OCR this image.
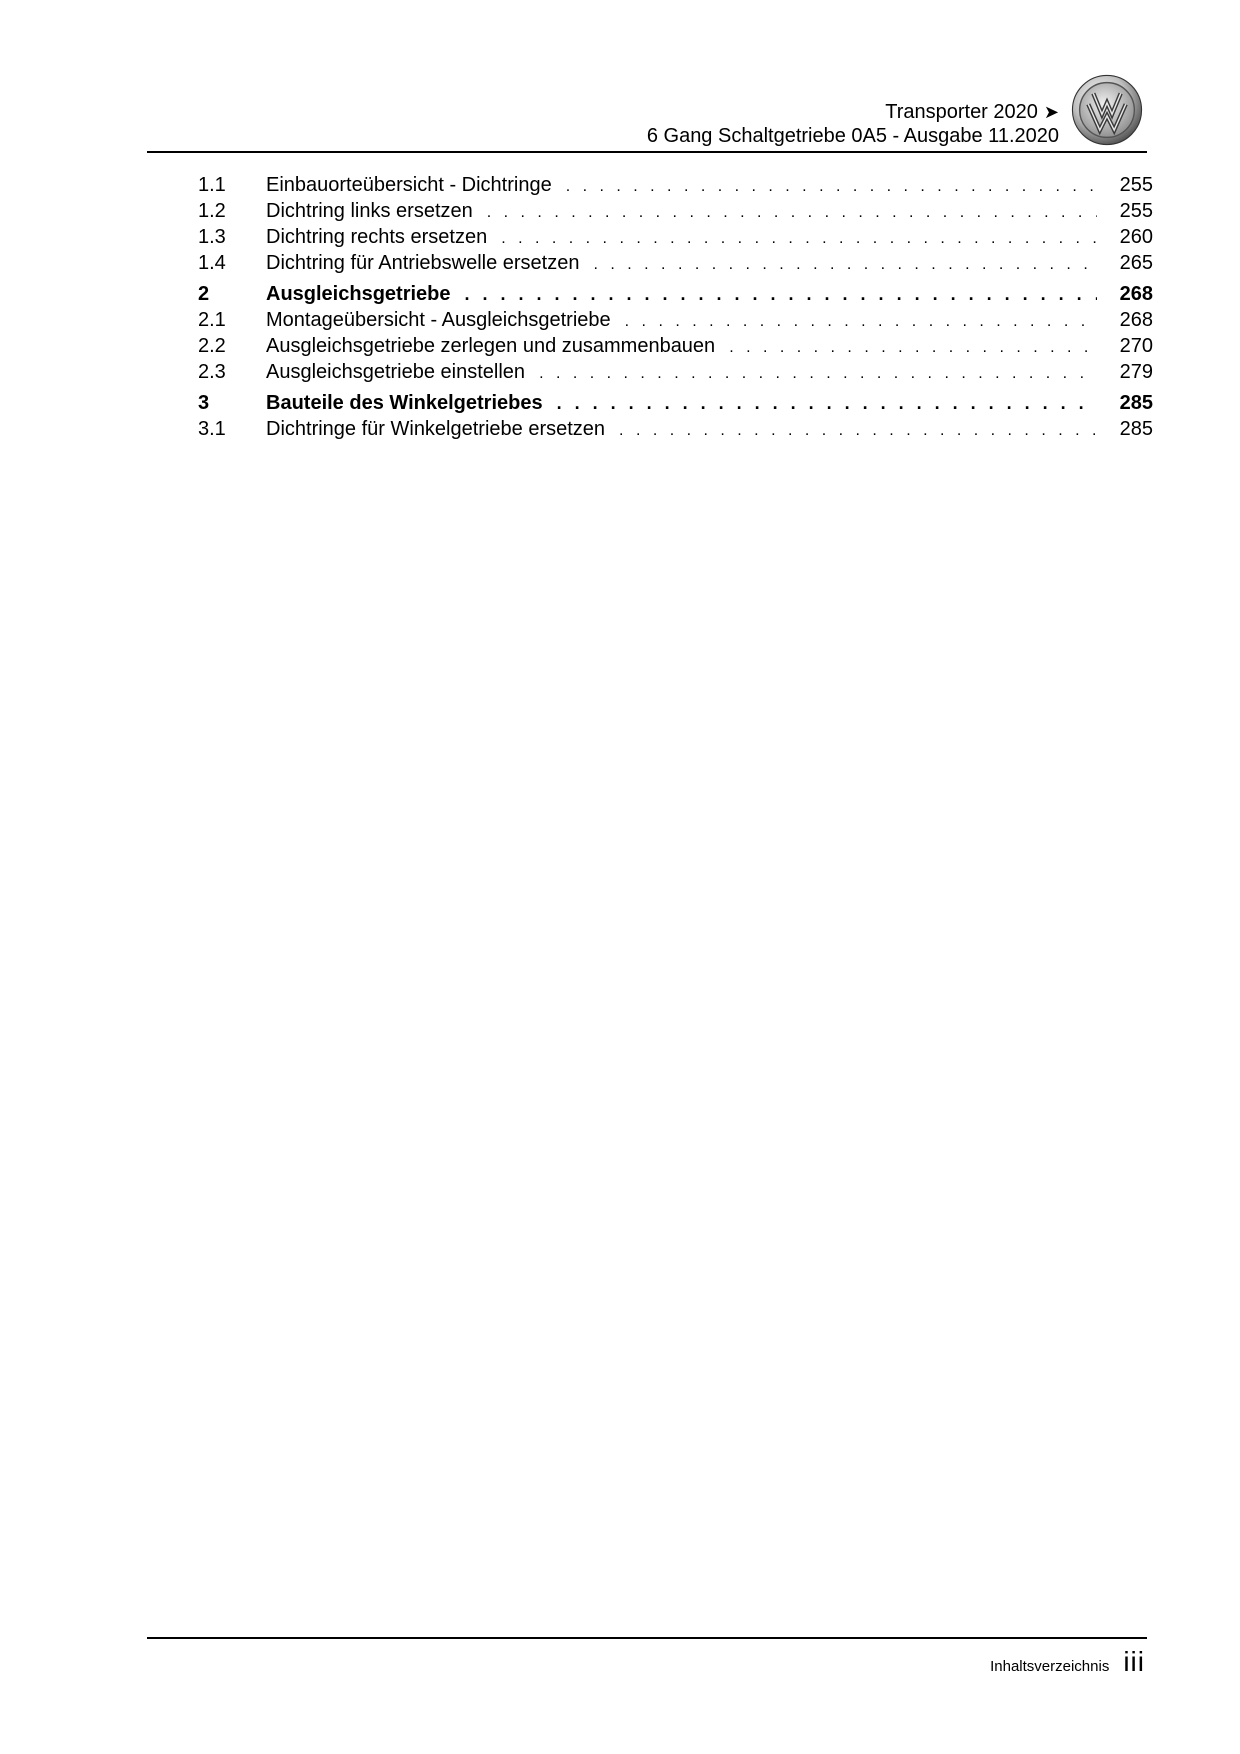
Transporter 2020 ➤
6 Gang Schaltgetriebe 0A5 - Ausgabe 11.2020
1.1	Einbauorteübersicht - Dichtringe . . .	255
1.2	Dichtring links ersetzen . . .	255
1.3	Dichtring rechts ersetzen . . .	260
1.4	Dichtring für Antriebswelle ersetzen . . .	265
2	Ausgleichsgetriebe . . .	268
2.1	Montageübersicht - Ausgleichsgetriebe . . .	268
2.2	Ausgleichsgetriebe zerlegen und zusammenbauen . . .	270
2.3	Ausgleichsgetriebe einstellen . . .	279
3	Bauteile des Winkelgetriebes . . .	285
3.1	Dichtringe für Winkelgetriebe ersetzen . . .	285
Inhaltsverzeichnis iii
